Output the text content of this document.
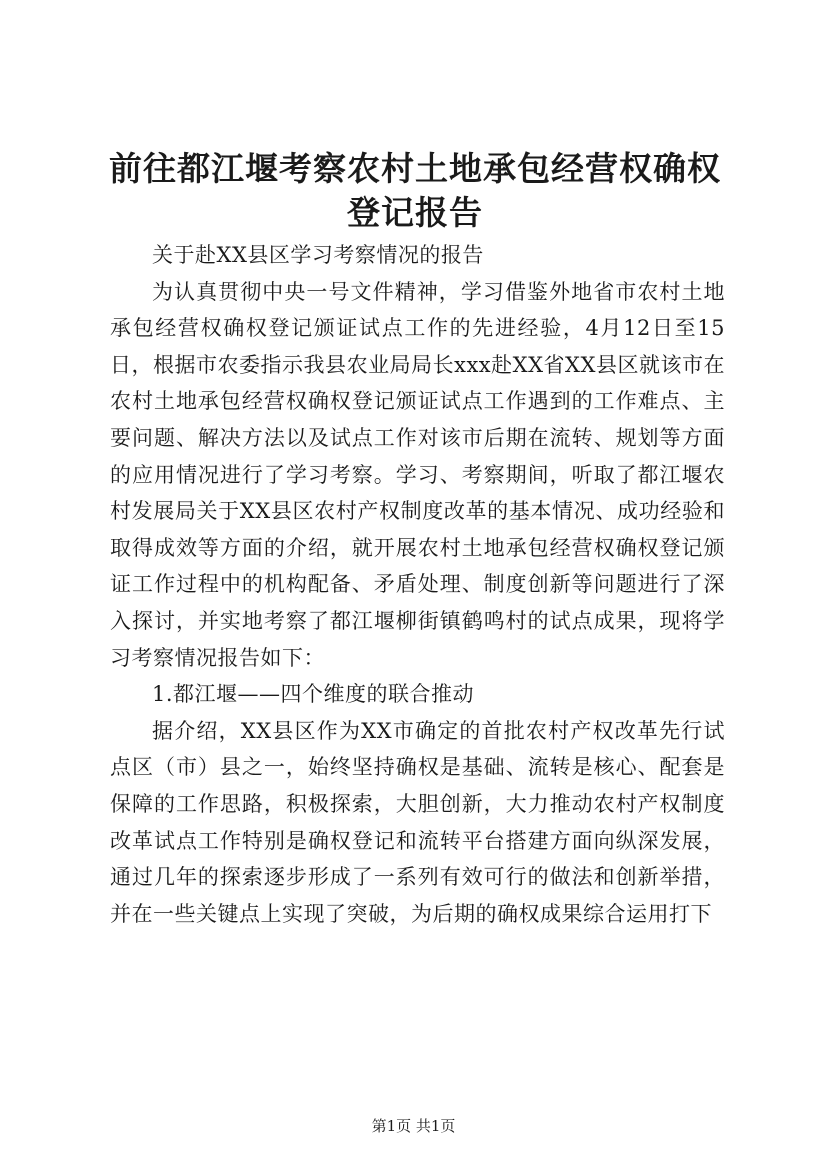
前往都江堰考察农村土地承包经营权确权登记报告

关于赴XX县区学习考察情况的报告

为认真贯彻中央一号文件精神，学习借鉴外地省市农村土地承包经营权确权登记颁证试点工作的先进经验，4月12日至15日，根据市农委指示我县农业局局长xxx赴XX省XX县区就该市在农村土地承包经营权确权登记颁证试点工作遇到的工作难点、主要问题、解决方法以及试点工作对该市后期在流转、规划等方面的应用情况进行了学习考察。学习、考察期间，听取了都江堰农村发展局关于XX县区农村产权制度改革的基本情况、成功经验和取得成效等方面的介绍，就开展农村土地承包经营权确权登记颁证工作过程中的机构配备、矛盾处理、制度创新等问题进行了深入探讨，并实地考察了都江堰柳街镇鹤鸣村的试点成果，现将学习考察情况报告如下：

1.都江堰——四个维度的联合推动

据介绍，XX县区作为XX市确定的首批农村产权改革先行试点区（市）县之一，始终坚持确权是基础、流转是核心、配套是保障的工作思路，积极探索，大胆创新，大力推动农村产权制度改革试点工作特别是确权登记和流转平台搭建方面向纵深发展，通过几年的探索逐步形成了一系列有效可行的做法和创新举措，并在一些关键点上实现了突破，为后期的确权成果综合运用打下

第1页 共1页
